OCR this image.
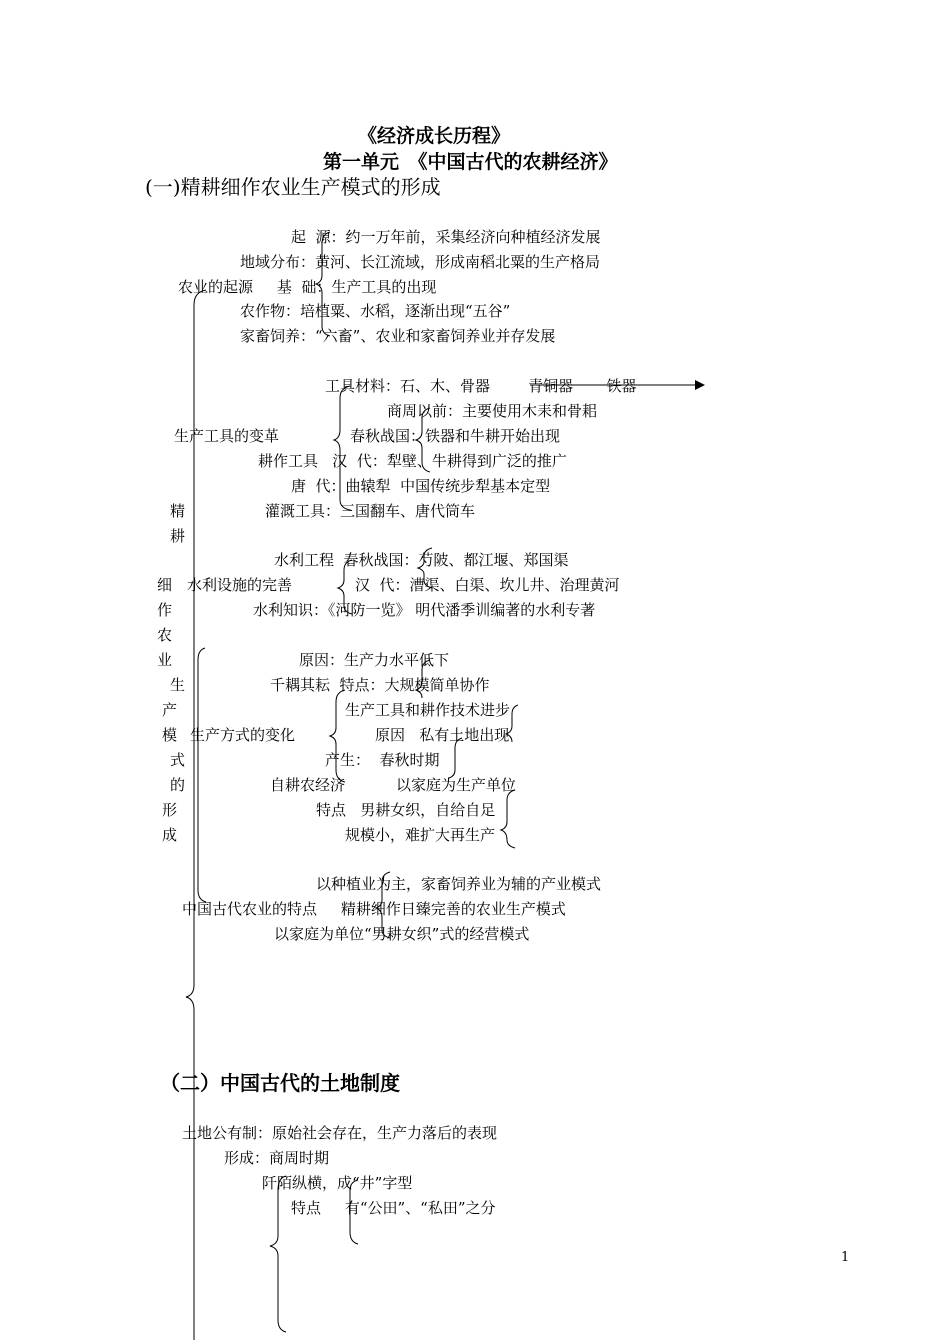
《经济成长历程》
第一单元　《中国古代的农耕经济》
(一)精耕细作农业生产模式的形成
起  源：约一万年前，采集经济向种植经济发展
地域分布：黄河、长江流域，形成南稻北粟的生产格局
农业的起源     基  础：生产工具的出现
农作物：培植粟、水稻，逐渐出现“五谷”
家畜饲养：“六畜”、农业和家畜饲养业并存发展
工具材料：石、木、骨器        青铜器       铁器
商周以前：主要使用木耒和骨耜
生产工具的变革	春秋战国：铁器和牛耕开始出现
耕作工具   汉  代：犁壁、牛耕得到广泛的推广
唐  代：曲辕犁  中国传统步犁基本定型
灌溉工具：三国翻车、唐代筒车
水利工程  春秋战国：芍陂、都江堰、郑国渠
水利设施的完善	汉  代：漕渠、白渠、坎儿井、治理黄河
水利知识：《河防一览》 明代潘季训编著的水利专著
原因：生产力水平低下
千耦其耘  特点：大规模简单协作
生产工具和耕作技术进步
生产方式的变化	原因   私有土地出现
产生：  春秋时期
自耕农经济	以家庭为生产单位
特点   男耕女织，自给自足
规模小，难扩大再生产
以种植业为主，家畜饲养业为辅的产业模式
中国古代农业的特点     精耕细作日臻完善的农业生产模式
以家庭为单位“男耕女织”式的经营模式
精
耕
细
作
农
业
生
产
模
式
的
形
成
（二）中国古代的土地制度
土地公有制：原始社会存在，生产力落后的表现
形成：商周时期
阡陌纵横，成“井”字型
特点     有“公田”、“私田”之分
1
